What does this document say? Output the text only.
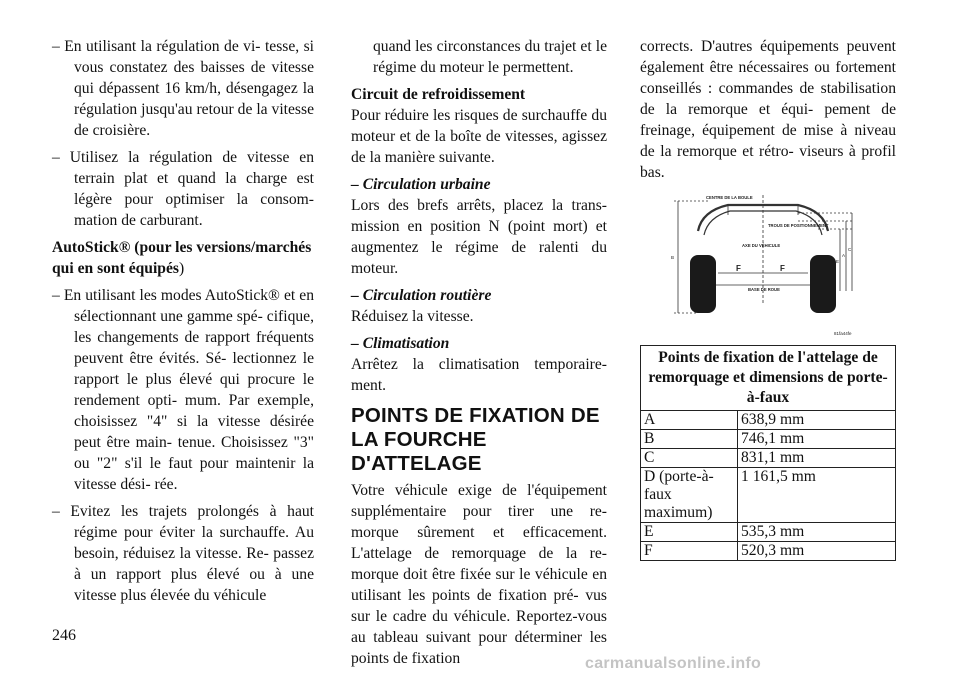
– En utilisant la régulation de vi- tesse, si vous constatez des baisses de vitesse qui dépassent 16 km/h, désengagez la régulation jusqu'au retour de la vitesse de croisière.

– Utilisez la régulation de vitesse en terrain plat et quand la charge est légère pour optimiser la consom- mation de carburant.

AutoStick® (pour les versions/marchés qui en sont équipés)

– En utilisant les modes AutoStick® et en sélectionnant une gamme spé- cifique, les changements de rapport fréquents peuvent être évités. Sé- lectionnez le rapport le plus élevé qui procure le rendement opti- mum. Par exemple, choisissez "4" si la vitesse désirée peut être main- tenue. Choisissez "3" ou "2" s'il le faut pour maintenir la vitesse dési- rée.

– Evitez les trajets prolongés à haut régime pour éviter la surchauffe. Au besoin, réduisez la vitesse. Re- passez à un rapport plus élevé ou à une vitesse plus élevée du véhicule

quand les circonstances du trajet et le régime du moteur le permettent.

Circuit de refroidissement

Pour réduire les risques de surchauffe du moteur et de la boîte de vitesses, agissez de la manière suivante.

– Circulation urbaine

Lors des brefs arrêts, placez la trans- mission en position N (point mort) et augmentez le régime de ralenti du moteur.

– Circulation routière

Réduisez la vitesse.

– Climatisation

Arrêtez la climatisation temporaire- ment.

POINTS DE FIXATION DE LA FOURCHE D'ATTELAGE

Votre véhicule exige de l'équipement supplémentaire pour tirer une re- morque sûrement et efficacement. L'attelage de remorquage de la re- morque doit être fixée sur le véhicule en utilisant les points de fixation pré- vus sur le cadre du véhicule. Reportez-vous au tableau suivant pour déterminer les points de fixation

corrects. D'autres équipements peuvent également être nécessaires ou fortement conseillés : commandes de stabilisation de la remorque et équi- pement de freinage, équipement de mise à niveau de la remorque et rétro- viseurs à profil bas.

CENTRE DE LA BOULE
TROUS DE POSITIONNEMENT
AXE DU VÉHICULE
BASE DE ROUE
F	F
B
E
A
C
81fa44fe
Points de fixation de l'attelage de remorquage et dimensions de porte-à-faux	
A	638,9 mm
B	746,1 mm
C	831,1 mm
D (porte-à-faux maximum)	1 161,5 mm
E	535,3 mm
F	520,3 mm
246
carmanualsonline.info
